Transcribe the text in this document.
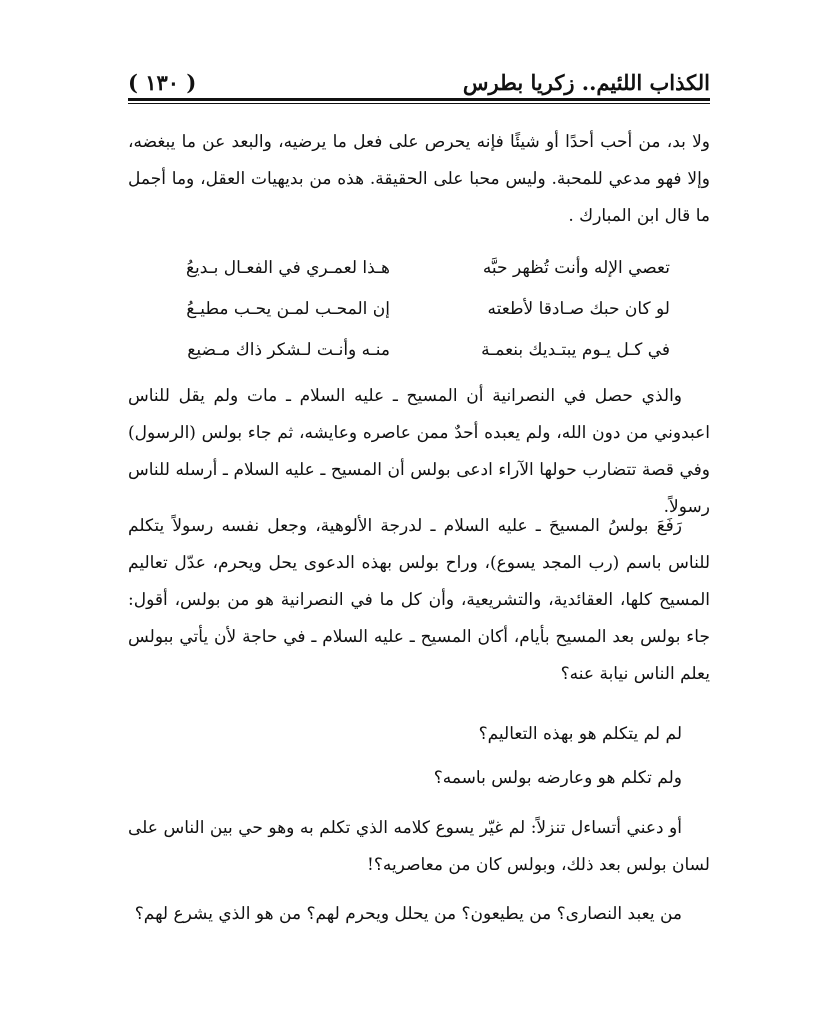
الكذاب اللئيم.. زكريا بطرس
( ١٣٠ )

ولا بد، من أحب أحدًا أو شيئًا فإنه يحرص على فعل ما يرضيه، والبعد عن ما يبغضه، وإلا فهو مدعي للمحبة. وليس محبا على الحقيقة. هذه من بديهيات العقل، وما أجمل ما قال ابن المبارك .

تعصي الإله وأنت تُظهر حبَّه
هـذا لعمـري في الفعـال بـديعُ
لو كان حبك صـادقا لأطعته
إن المحـب لمـن يحـب مطيـعُ
في كـل يـوم يبتـديك بنعمـة
منـه وأنـت لـشكر ذاك مـضيع

والذي حصل في النصرانية أن المسيح ـ عليه السلام ـ مات ولم يقل للناس اعبدوني من دون الله، ولم يعبده أحدٌ ممن عاصره وعايشه، ثم جاء بولس (الرسول) وفي قصة تتضارب حولها الآراء ادعى بولس أن المسيح ـ عليه السلام ـ أرسله للناس رسولاً.

رَفَعَ بولسُ المسيحَ ـ عليه السلام ـ لدرجة الألوهية، وجعل نفسه رسولاً يتكلم للناس باسم (رب المجد يسوع)، وراح بولس بهذه الدعوى يحل ويحرم، عدّل تعاليم المسيح كلها، العقائدية، والتشريعية، وأن كل ما في النصرانية هو من بولس، أقول: جاء بولس بعد المسيح بأيام، أكان المسيح ـ عليه السلام ـ في حاجة لأن يأتي ببولس يعلم الناس نيابة عنه؟

لم لم يتكلم هو بهذه التعاليم؟

ولم تكلم هو وعارضه بولس باسمه؟

أو دعني أتساءل تنزلاً: لم غيّر يسوع كلامه الذي تكلم به وهو حي بين الناس على لسان بولس بعد ذلك، وبولس كان من معاصريه؟!

من يعبد النصارى؟ من يطيعون؟ من يحلل ويحرم لهم؟ من هو الذي يشرع لهم؟
